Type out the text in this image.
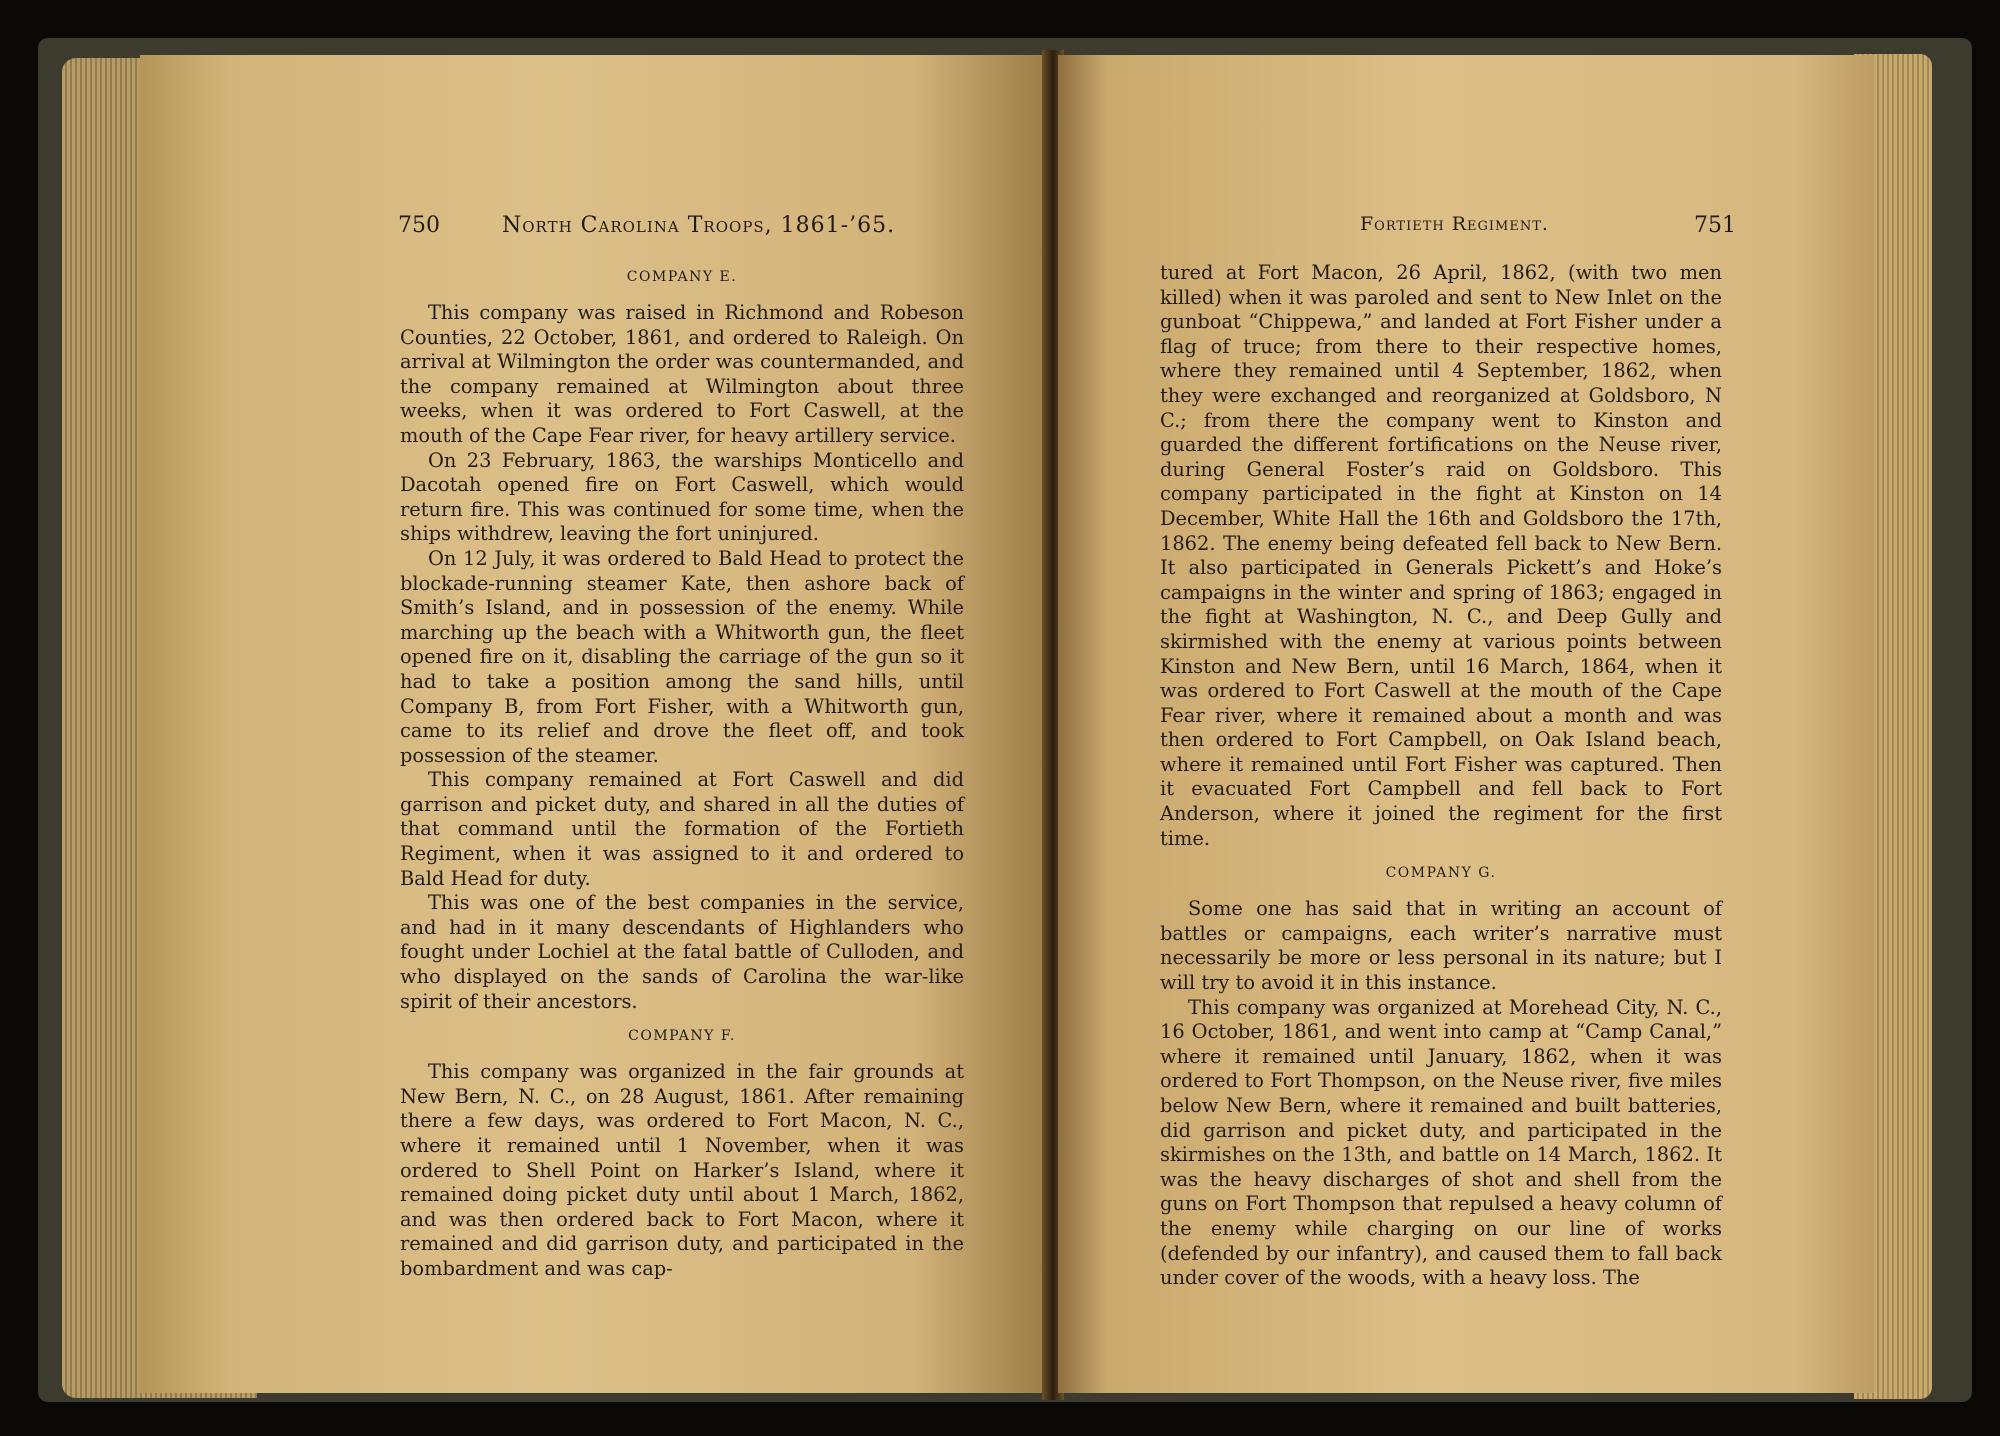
750	North Carolina Troops, 1861-’65.
COMPANY E.

This company was raised in Richmond and Robeson Counties, 22 October, 1861, and ordered to Raleigh. On arrival at Wilmington the order was countermanded, and the company remained at Wilmington about three weeks, when it was ordered to Fort Caswell, at the mouth of the Cape Fear river, for heavy artillery service.

On 23 February, 1863, the warships Monticello and Dacotah opened fire on Fort Caswell, which would return fire. This was continued for some time, when the ships withdrew, leaving the fort uninjured.

On 12 July, it was ordered to Bald Head to protect the blockade-running steamer Kate, then ashore back of Smith’s Island, and in possession of the enemy. While marching up the beach with a Whitworth gun, the fleet opened fire on it, disabling the carriage of the gun so it had to take a position among the sand hills, until Company B, from Fort Fisher, with a Whitworth gun, came to its relief and drove the fleet off, and took possession of the steamer.

This company remained at Fort Caswell and did garrison and picket duty, and shared in all the duties of that command until the formation of the Fortieth Regiment, when it was assigned to it and ordered to Bald Head for duty.

This was one of the best companies in the service, and had in it many descendants of Highlanders who fought under Lochiel at the fatal battle of Culloden, and who displayed on the sands of Carolina the war-like spirit of their ancestors.

COMPANY F.

This company was organized in the fair grounds at New Bern, N. C., on 28 August, 1861. After remaining there a few days, was ordered to Fort Macon, N. C., where it remained until 1 November, when it was ordered to Shell Point on Harker’s Island, where it remained doing picket duty until about 1 March, 1862, and was then ordered back to Fort Macon, where it remained and did garrison duty, and participated in the bombardment and was cap-

Fortieth Regiment.	751

tured at Fort Macon, 26 April, 1862, (with two men killed) when it was paroled and sent to New Inlet on the gunboat “Chippewa,” and landed at Fort Fisher under a flag of truce; from there to their respective homes, where they remained until 4 September, 1862, when they were exchanged and reorganized at Goldsboro, N C.; from there the company went to Kinston and guarded the different fortifications on the Neuse river, during General Foster’s raid on Goldsboro. This company participated in the fight at Kinston on 14 December, White Hall the 16th and Goldsboro the 17th, 1862. The enemy being defeated fell back to New Bern. It also participated in Generals Pickett’s and Hoke’s campaigns in the winter and spring of 1863; engaged in the fight at Washington, N. C., and Deep Gully and skirmished with the enemy at various points between Kinston and New Bern, until 16 March, 1864, when it was ordered to Fort Caswell at the mouth of the Cape Fear river, where it remained about a month and was then ordered to Fort Campbell, on Oak Island beach, where it remained until Fort Fisher was captured. Then it evacuated Fort Campbell and fell back to Fort Anderson, where it joined the regiment for the first time.

COMPANY G.

Some one has said that in writing an account of battles or campaigns, each writer’s narrative must necessarily be more or less personal in its nature; but I will try to avoid it in this instance.

This company was organized at Morehead City, N. C., 16 October, 1861, and went into camp at “Camp Canal,” where it remained until January, 1862, when it was ordered to Fort Thompson, on the Neuse river, five miles below New Bern, where it remained and built batteries, did garrison and picket duty, and participated in the skirmishes on the 13th, and battle on 14 March, 1862. It was the heavy discharges of shot and shell from the guns on Fort Thompson that repulsed a heavy column of the enemy while charging on our line of works (defended by our infantry), and caused them to fall back under cover of the woods, with a heavy loss. The
